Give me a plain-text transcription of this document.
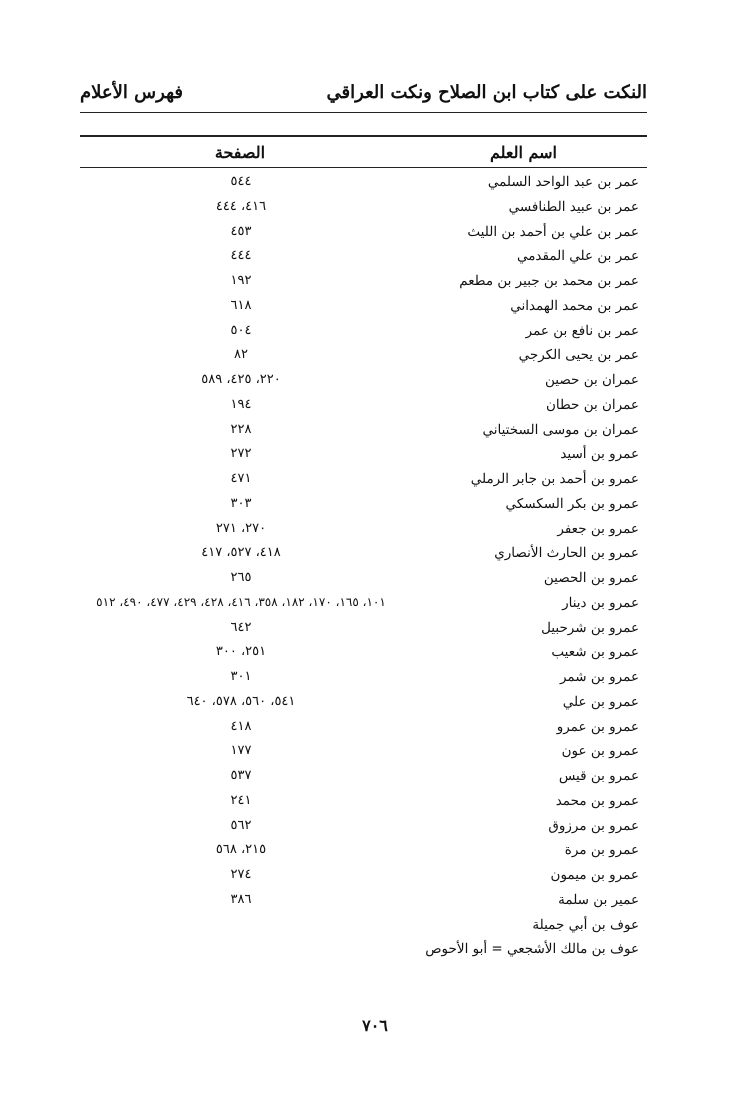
النكت على كتاب ابن الصلاح ونكت العراقي
فهرس الأعلام
اسم العلم
الصفحة
عمر بن عبد الواحد السلمي
٥٤٤
عمر بن عبيد الطنافسي
٤١٦، ٤٤٤
عمر بن علي بن أحمد بن الليث
٤٥٣
عمر بن علي المقدمي
٤٤٤
عمر بن محمد بن جبير بن مطعم
١٩٢
عمر بن محمد الهمداني
٦١٨
عمر بن نافع بن عمر
٥٠٤
عمر بن يحيى الكرجي
٨٢
عمران بن حصين
٢٢٠، ٤٢٥، ٥٨٩
عمران بن حطان
١٩٤
عمران بن موسى السختياني
٢٢٨
عمرو بن أسيد
٢٧٢
عمرو بن أحمد بن جابر الرملي
٤٧١
عمرو بن بكر السكسكي
٣٠٣
عمرو بن جعفر
٢٧٠، ٢٧١
عمرو بن الحارث الأنصاري
٤١٨، ٥٢٧، ٤١٧
عمرو بن الحصين
٢٦٥
عمرو بن دينار
١٠١، ١٦٥، ١٧٠، ١٨٢، ٣٥٨، ٤١٦، ٤٢٨، ٤٢٩، ٤٧٧، ٤٩٠، ٥١٢
عمرو بن شرحبيل
٦٤٢
عمرو بن شعيب
٢٥١، ٣٠٠
عمرو بن شمر
٣٠١
عمرو بن علي
٥٤١، ٥٦٠، ٥٧٨، ٦٤٠
عمرو بن عمرو
٤١٨
عمرو بن عون
١٧٧
عمرو بن قيس
٥٣٧
عمرو بن محمد
٢٤١
عمرو بن مرزوق
٥٦٢
عمرو بن مرة
٢١٥، ٥٦٨
عمرو بن ميمون
٢٧٤
عمير بن سلمة
٣٨٦
عوف بن أبي جميلة
عوف بن مالك الأشجعي = أبو الأحوص
٧٠٦
